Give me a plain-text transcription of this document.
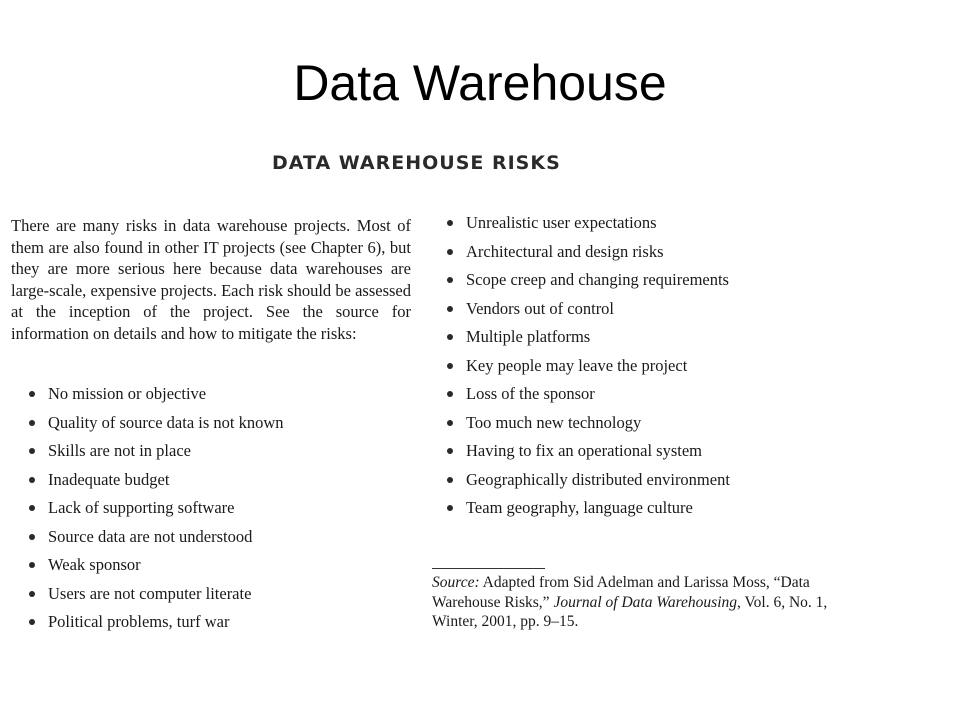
Data Warehouse
DATA WAREHOUSE RISKS

There are many risks in data warehouse projects. Most of them are also found in other IT projects (see Chapter 6), but they are more serious here because data warehouses are large-scale, expensive projects. Each risk should be assessed at the inception of the project. See the source for information on details and how to mitigate the risks:

No mission or objective
Quality of source data is not known
Skills are not in place
Inadequate budget
Lack of supporting software
Source data are not understood
Weak sponsor
Users are not computer literate
Political problems, turf war
Unrealistic user expectations
Architectural and design risks
Scope creep and changing requirements
Vendors out of control
Multiple platforms
Key people may leave the project
Loss of the sponsor
Too much new technology
Having to fix an operational system
Geographically distributed environment
Team geography, language culture

Source: Adapted from Sid Adelman and Larissa Moss, “Data Warehouse Risks,” Journal of Data Warehousing, Vol. 6, No. 1, Winter, 2001, pp. 9–15.
